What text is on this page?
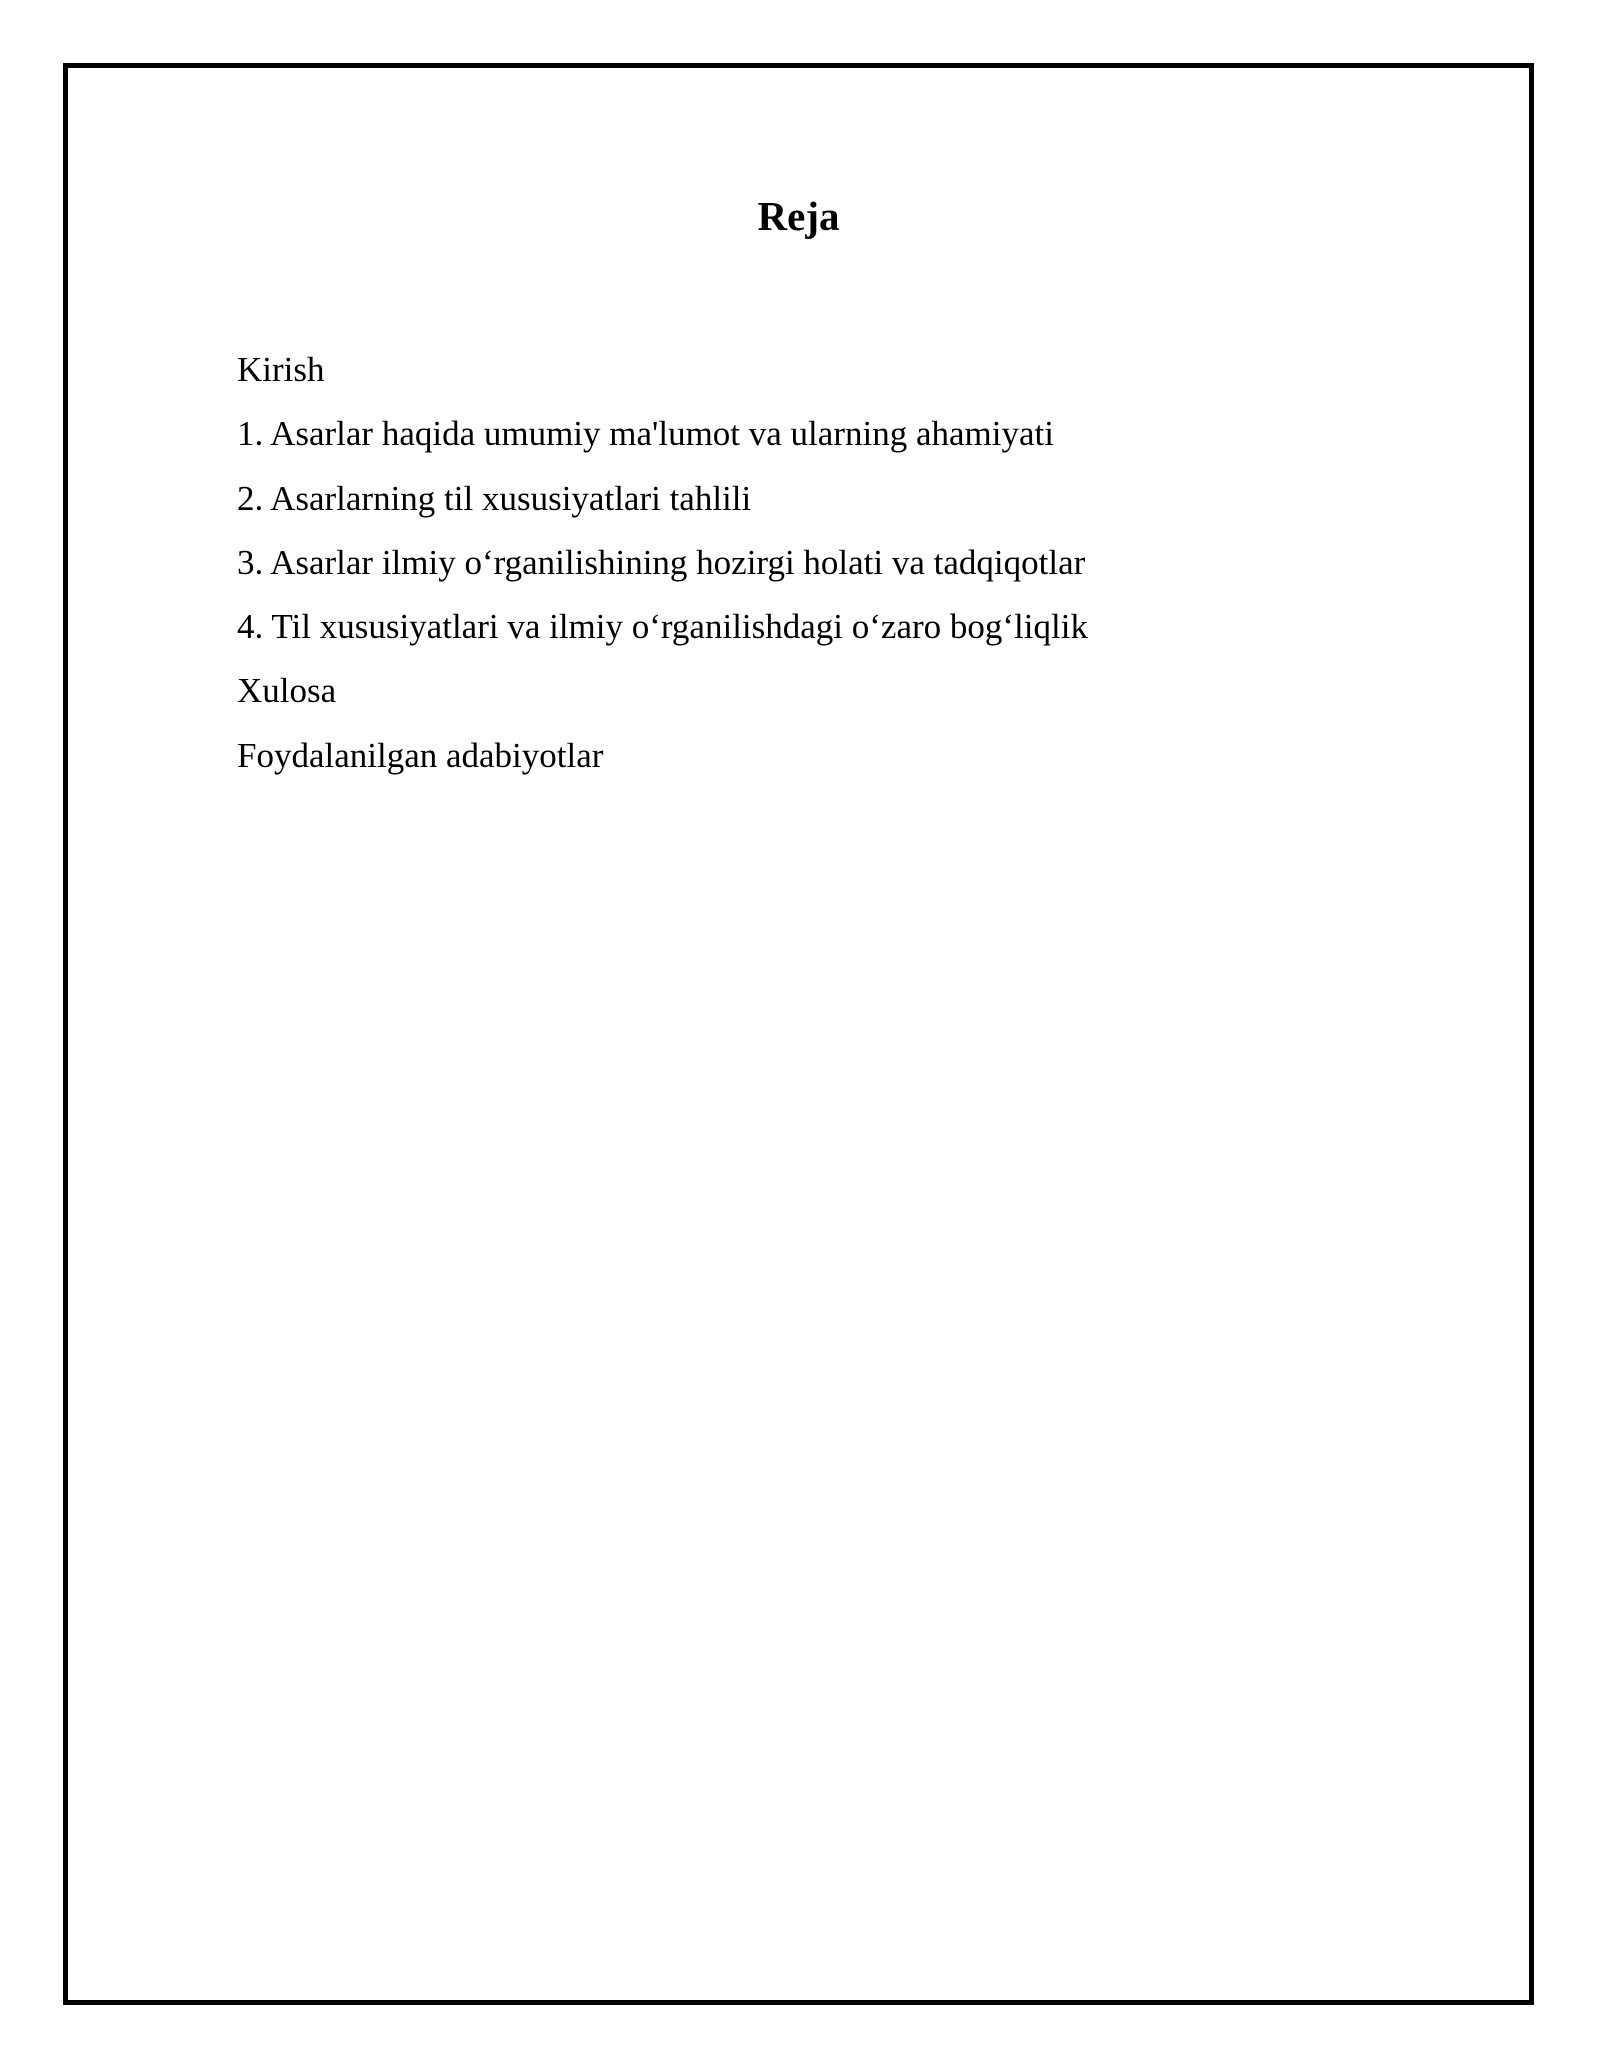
Reja
Kirish
1. Asarlar haqida umumiy ma'lumot va ularning ahamiyati
2. Asarlarning til xususiyatlari tahlili
3. Asarlar ilmiy o‘rganilishining hozirgi holati va tadqiqotlar
4. Til xususiyatlari va ilmiy o‘rganilishdagi o‘zaro bog‘liqlik
Xulosa
Foydalanilgan adabiyotlar
